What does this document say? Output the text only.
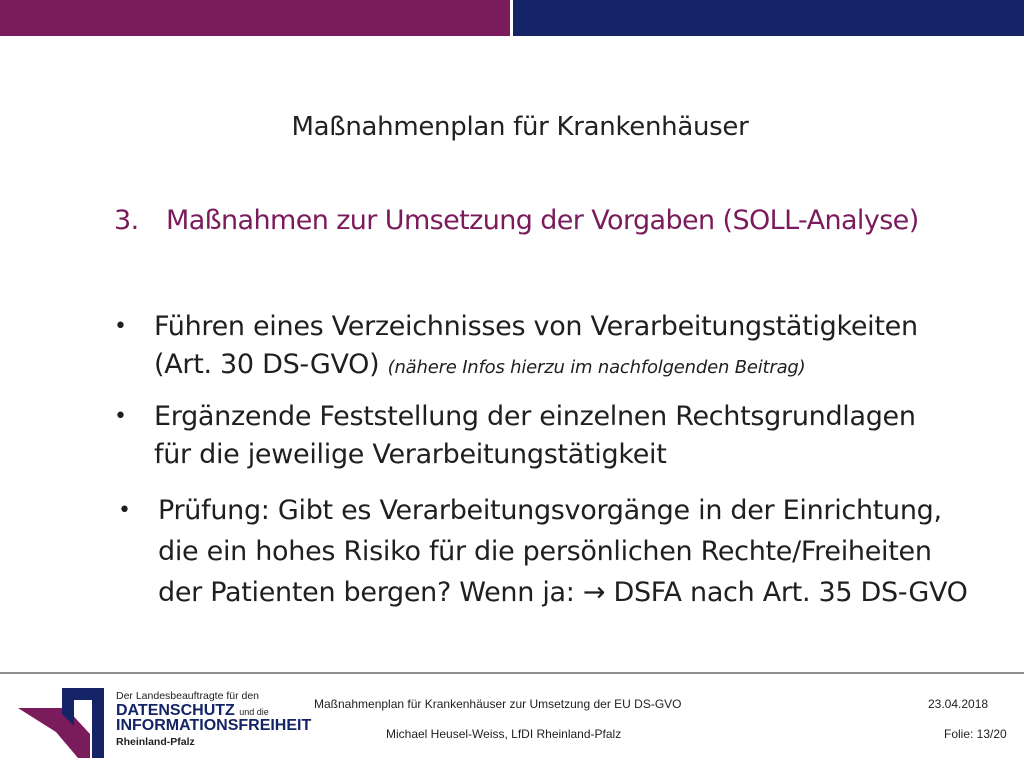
Maßnahmenplan für Krankenhäuser
3. Maßnahmen zur Umsetzung der Vorgaben (SOLL-Analyse)
• Führen eines Verzeichnisses von Verarbeitungstätigkeiten
(Art. 30 DS-GVO) (nähere Infos hierzu im nachfolgenden Beitrag)
• Ergänzende Feststellung der einzelnen Rechtsgrundlagen
für die jeweilige Verarbeitungstätigkeit
• Prüfung: Gibt es Verarbeitungsvorgänge in der Einrichtung,
die ein hohes Risiko für die persönlichen Rechte/Freiheiten
der Patienten bergen? Wenn ja: → DSFA nach Art. 35 DS-GVO
Der Landesbeauftragte für den
DATENSCHUTZ und die
INFORMATIONSFREIHEIT
Rheinland-Pfalz
Maßnahmenplan für Krankenhäuser zur Umsetzung der EU DS-GVO	23.04.2018
Michael Heusel-Weiss, LfDI Rheinland-Pfalz	Folie: 13/20
